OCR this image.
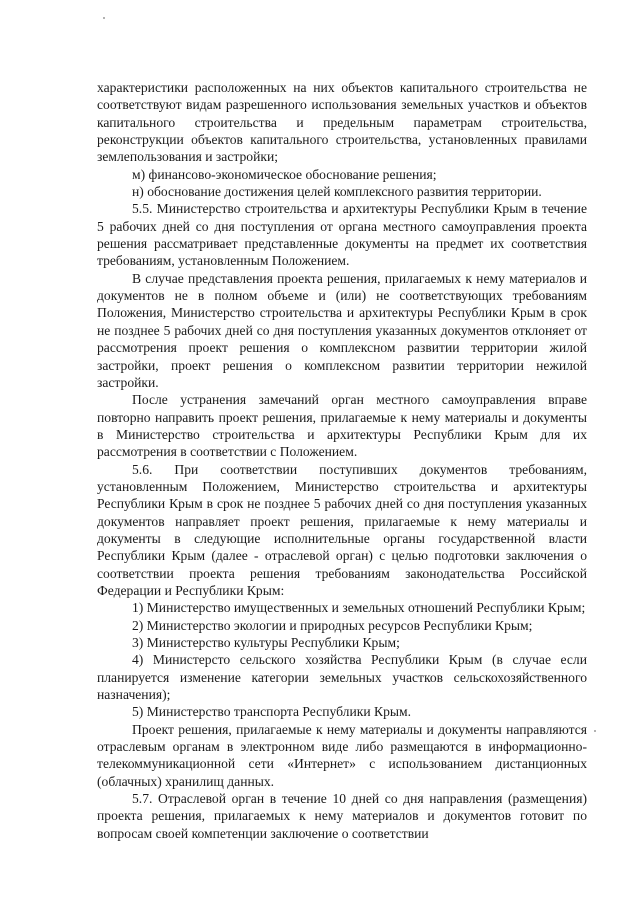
характеристики расположенных на них объектов капитального строительства не соответствуют видам разрешенного использования земельных участков и объектов капитального строительства и предельным параметрам строительства, реконструкции объектов капитального строительства, установленных правилами землепользования и застройки;

м) финансово-экономическое обоснование решения;

н) обоснование достижения целей комплексного развития территории.

5.5. Министерство строительства и архитектуры Республики Крым в течение 5 рабочих дней со дня поступления от органа местного самоуправления проекта решения рассматривает представленные документы на предмет их соответствия требованиям, установленным Положением.

В случае представления проекта решения, прилагаемых к нему материалов и документов не в полном объеме и (или) не соответствующих требованиям Положения, Министерство строительства и архитектуры Республики Крым в срок не позднее 5 рабочих дней со дня поступления указанных документов отклоняет от рассмотрения проект решения о комплексном развитии территории жилой застройки, проект решения о комплексном развитии территории нежилой застройки.

После устранения замечаний орган местного самоуправления вправе повторно направить проект решения, прилагаемые к нему материалы и документы в Министерство строительства и архитектуры Республики Крым для их рассмотрения в соответствии с Положением.

5.6. При соответствии поступивших документов требованиям, установленным Положением, Министерство строительства и архитектуры Республики Крым в срок не позднее 5 рабочих дней со дня поступления указанных документов направляет проект решения, прилагаемые к нему материалы и документы в следующие исполнительные органы государственной власти Республики Крым (далее - отраслевой орган) с целью подготовки заключения о соответствии проекта решения требованиям законодательства Российской Федерации и Республики Крым:

1) Министерство имущественных и земельных отношений Республики Крым;

2) Министерство экологии и природных ресурсов Республики Крым;

3) Министерство культуры Республики Крым;

4) Министерсто сельского хозяйства Республики Крым (в случае если планируется изменение категории земельных участков сельскохозяйственного назначения);

5) Министерство транспорта Республики Крым.

Проект решения, прилагаемые к нему материалы и документы направляются отраслевым органам в электронном виде либо размещаются в информационно-телекоммуникационной сети «Интернет» с использованием дистанционных (облачных) хранилищ данных.

5.7. Отраслевой орган в течение 10 дней со дня направления (размещения) проекта решения, прилагаемых к нему материалов и документов готовит по вопросам своей компетенции заключение о соответствии
